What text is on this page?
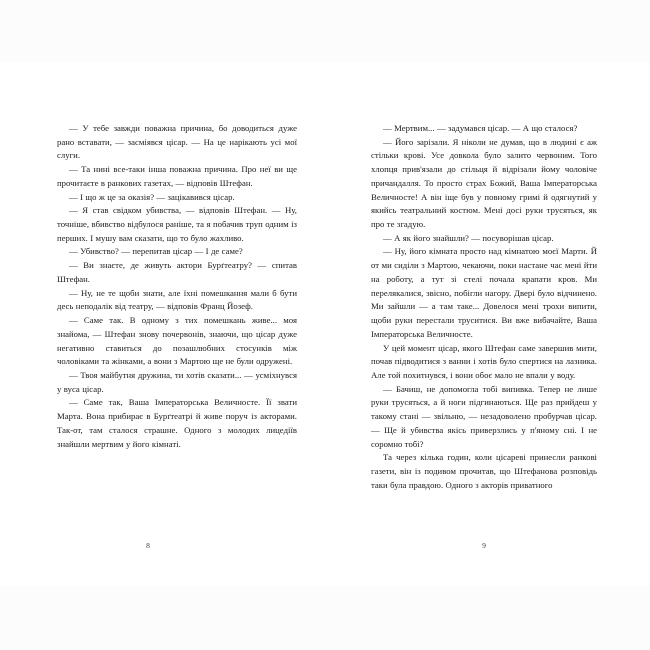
— У тебе завжди поважна причина, бо доводиться дуже рано вставати, — засміявся цісар. — На це нарікають усі мої слуги.

— Та нині все-таки інша поважна причина. Про неї ви ще прочитаєте в ранкових газетах, — відповів Штефан.

— І що ж це за оказія? — зацікавився цісар.

— Я став свідком убивства, — відповів Штефан. — Ну, точніше, вбивство відбулося раніше, та я побачив труп одним із перших. І мушу вам сказати, що то було жахливо.

— Убивство? — перепитав цісар — І де саме?

— Ви знаєте, де живуть актори Бурґтеатру? — спитав Штефан.

— Ну, не те щоби знати, але їхні помешкання мали б бути десь неподалік від театру, — відповів Франц Йозеф.

— Саме так. В одному з тих помешкань живе... моя знайома, — Штефан знову почервонів, знаючи, що цісар дуже негативно ставиться до позашлюбних стосунків між чоловіками та жінками, а вони з Мартою ще не були одружені.

— Твоя майбутня дружина, ти хотів сказати... — усміхнувся у вуса цісар.

— Саме так, Ваша Імператорська Величносте. Її звати Марта. Вона прибирає в Бурґтеатрі й живе поруч із акторами. Так-от, там сталося страшне. Одного з молодих лицедіїв знайшли мертвим у його кімнаті.

8

— Мертвим... — задумався цісар. — А що сталося?

— Його зарізали. Я ніколи не думав, що в людині є аж стільки крові. Усе довкола було залито червоним. Того хлопця прив'язали до стільця й відрізали йому чоловіче причандалля. То просто страх Божий, Ваша Імператорська Величносте! А він іще був у повному гримі й одягнутий у якийсь театральний костюм. Мені досі руки трусяться, як про те згадую.

— А як його знайшли? — посуворішав цісар.

— Ну, його кімната просто над кімнатою моєї Марти. Й от ми сиділи з Мартою, чекаючи, поки настане час мені йти на роботу, а тут зі стелі почала крапати кров. Ми перелякалися, звісно, побігли нагору. Двері було відчинено. Ми зайшли — а там таке... Довелося мені трохи випити, щоби руки перестали труситися. Ви вже вибачайте, Ваша Імператорська Величносте.

У цей момент цісар, якого Штефан саме завершив мити, почав підводитися з ванни і хотів було спертися на лазника. Але той похитнувся, і вони обоє мало не впали у воду.

— Бачиш, не допомогла тобі випивка. Тепер не лише руки трусяться, а й ноги підгинаються. Ще раз прийдеш у такому стані — звільню, — незадоволено пробурчав цісар. — Ще й убивства якісь приверзлись у п'яному сні. І не соромно тобі?

Та через кілька годин, коли цісареві принесли ранкові газети, він із подивом прочитав, що Штефанова розповідь таки була правдою. Одного з акторів приватного

9
